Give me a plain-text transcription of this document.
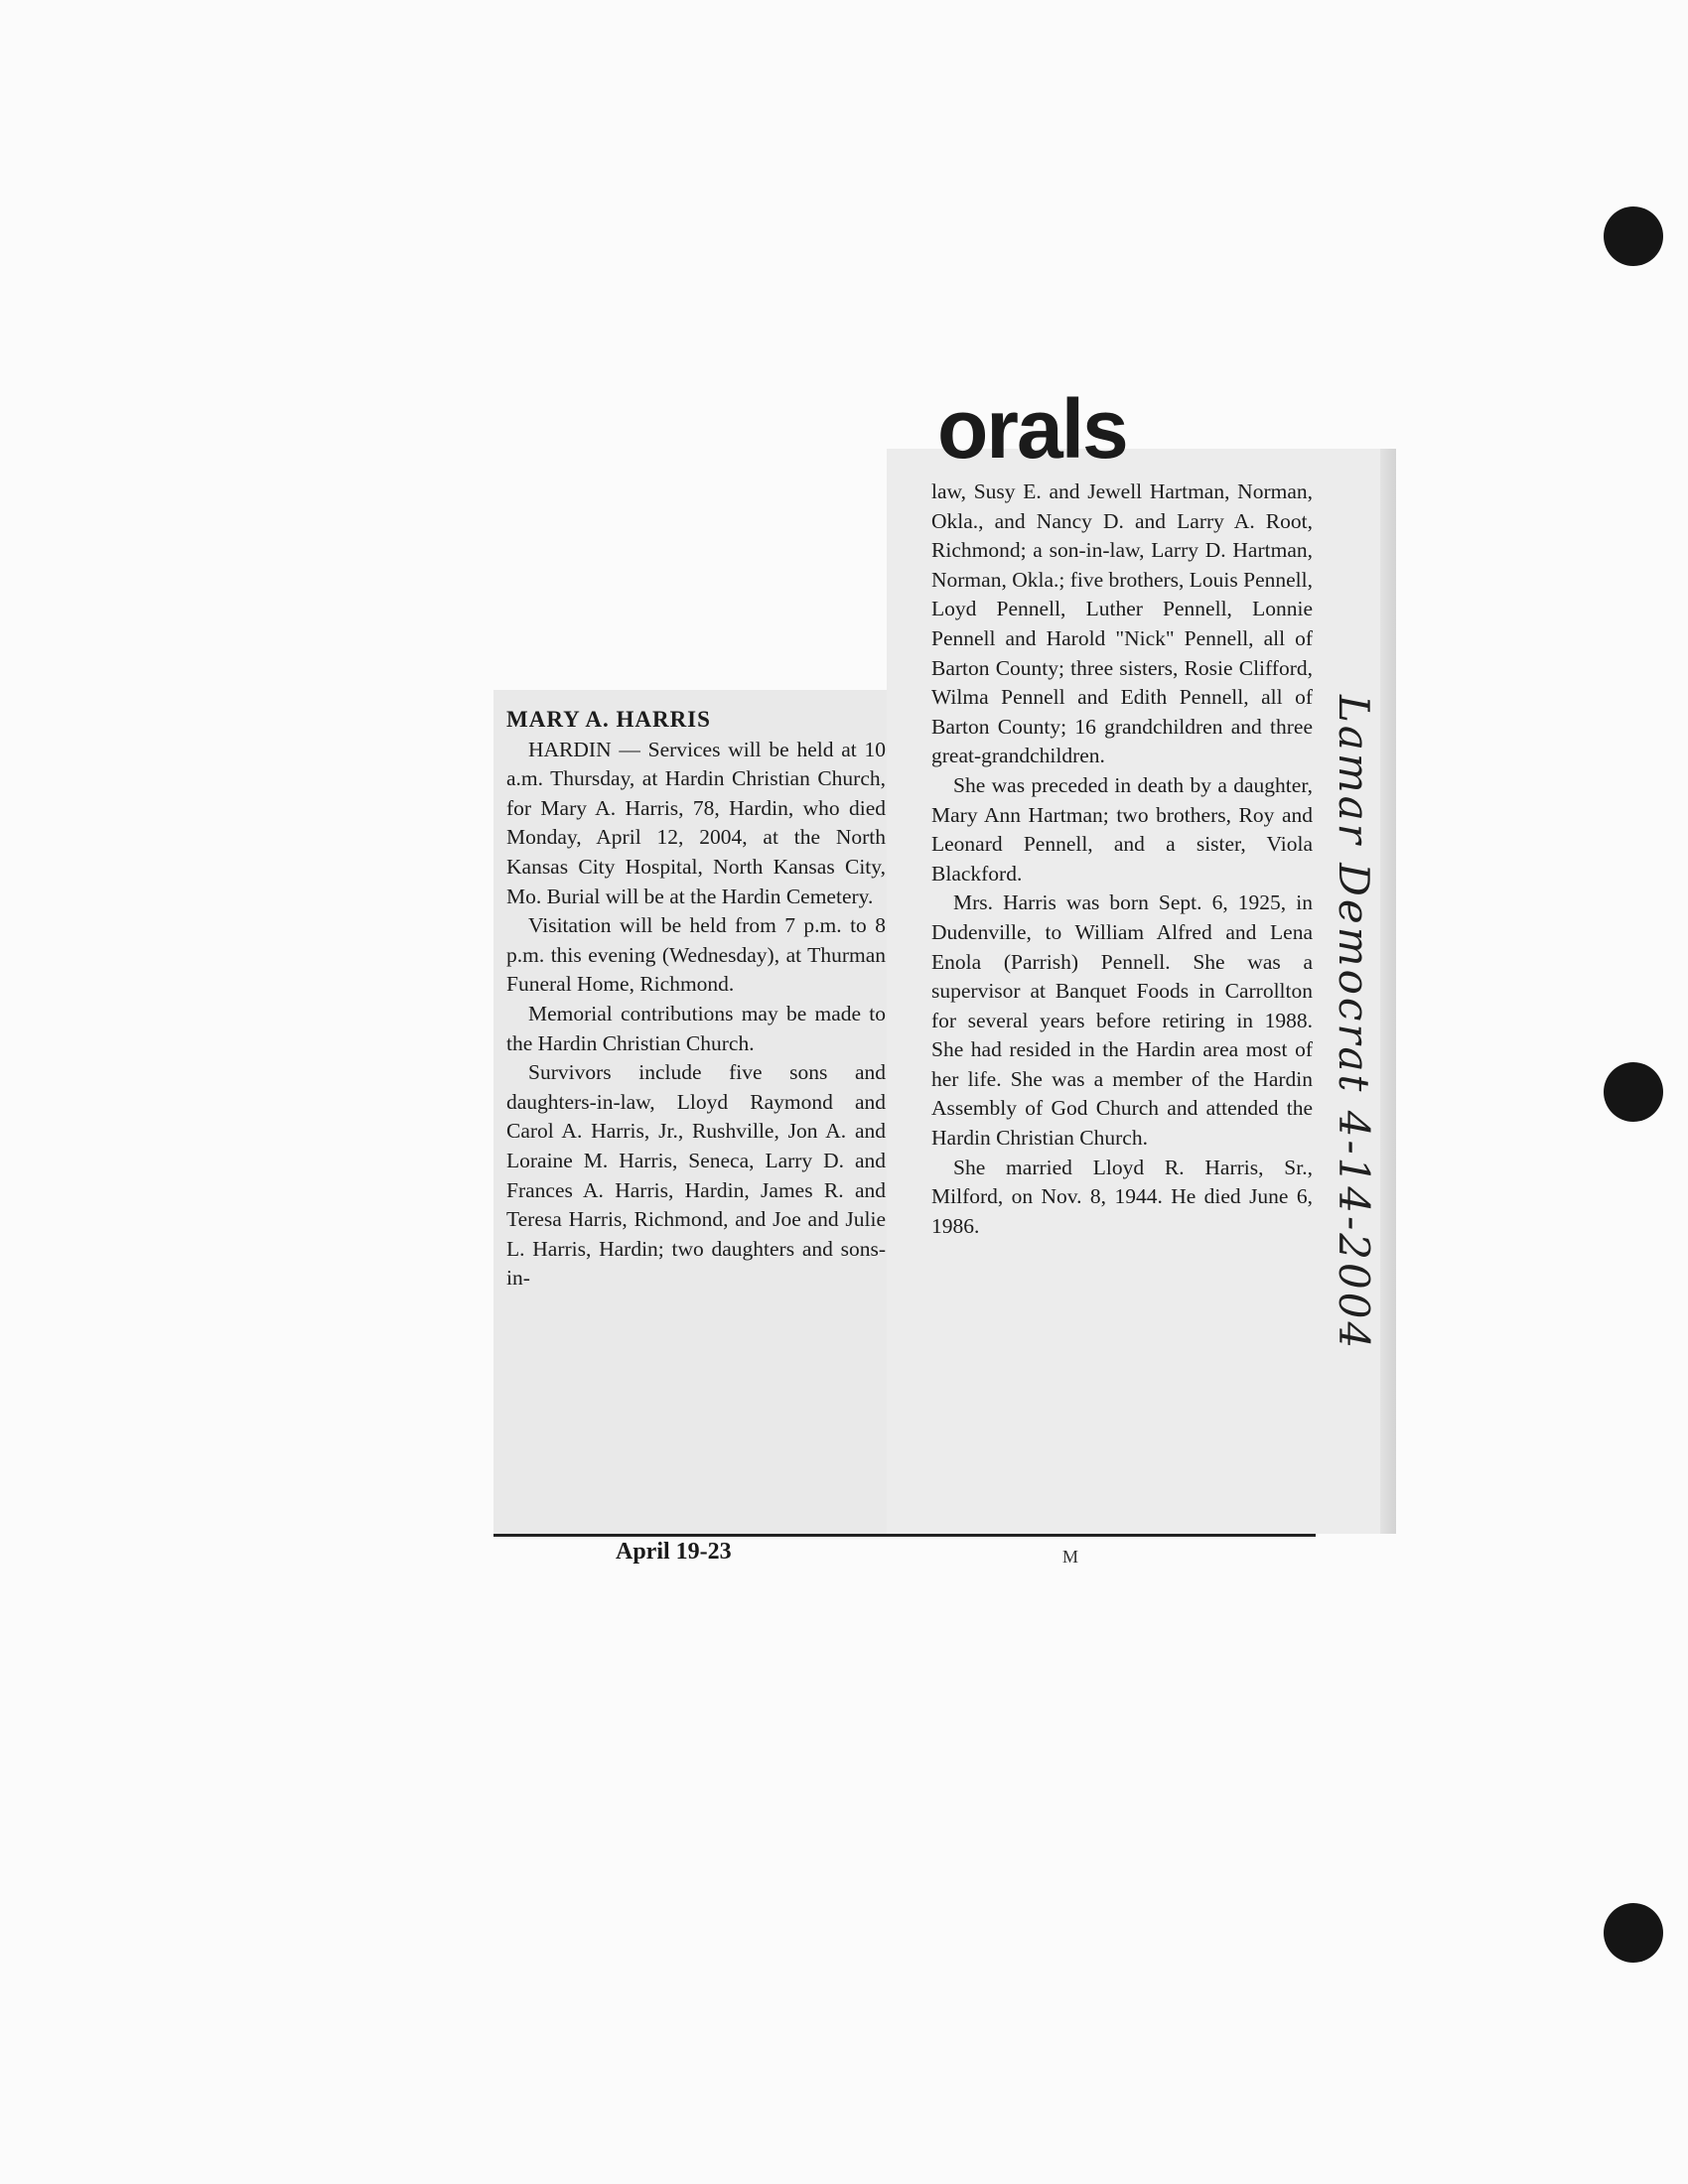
orals

MARY A. HARRIS

HARDIN — Services will be held at 10 a.m. Thursday, at Hardin Christian Church, for Mary A. Harris, 78, Hardin, who died Monday, April 12, 2004, at the North Kansas City Hospital, North Kansas City, Mo. Burial will be at the Hardin Cemetery.

Visitation will be held from 7 p.m. to 8 p.m. this evening (Wednesday), at Thurman Funeral Home, Richmond.

Memorial contributions may be made to the Hardin Christian Church.

Survivors include five sons and daughters-in-law, Lloyd Raymond and Carol A. Harris, Jr., Rushville, Jon A. and Loraine M. Harris, Seneca, Larry D. and Frances A. Harris, Hardin, James R. and Teresa Harris, Richmond, and Joe and Julie L. Harris, Hardin; two daughters and sons-in-

law, Susy E. and Jewell Hartman, Norman, Okla., and Nancy D. and Larry A. Root, Richmond; a son-in-law, Larry D. Hartman, Norman, Okla.; five brothers, Louis Pennell, Loyd Pennell, Luther Pennell, Lonnie Pennell and Harold "Nick" Pennell, all of Barton County; three sisters, Rosie Clifford, Wilma Pennell and Edith Pennell, all of Barton County; 16 grandchildren and three great-grandchildren.

She was preceded in death by a daughter, Mary Ann Hartman; two brothers, Roy and Leonard Pennell, and a sister, Viola Blackford.

Mrs. Harris was born Sept. 6, 1925, in Dudenville, to William Alfred and Lena Enola (Parrish) Pennell. She was a supervisor at Banquet Foods in Carrollton for several years before retiring in 1988. She had resided in the Hardin area most of her life. She was a member of the Hardin Assembly of God Church and attended the Hardin Christian Church.

She married Lloyd R. Harris, Sr., Milford, on Nov. 8, 1944. He died June 6, 1986.

April 19-23	M
Lamar Democrat 4-14-2004
